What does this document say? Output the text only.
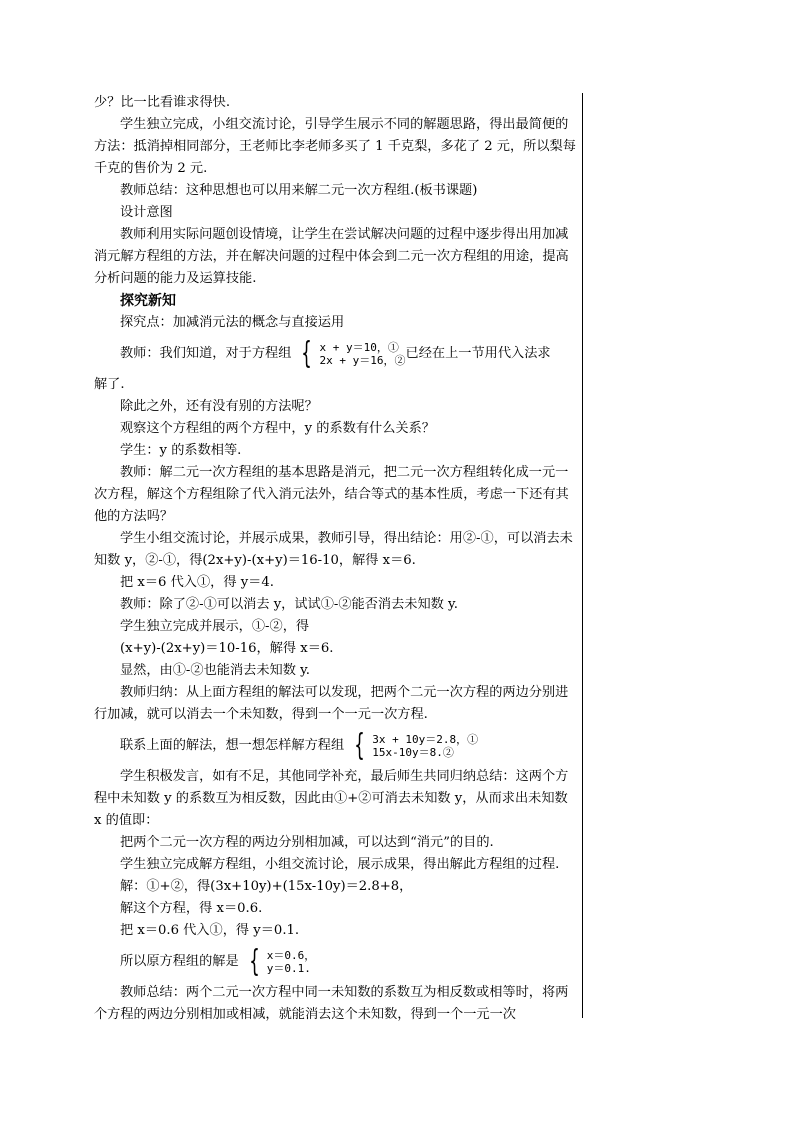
少？比一比看谁求得快.

学生独立完成，小组交流讨论，引导学生展示不同的解题思路，得出最简便的方法：抵消掉相同部分，王老师比李老师多买了 1 千克梨，多花了 2 元，所以梨每千克的售价为 2 元.

教师总结：这种思想也可以用来解二元一次方程组.(板书课题)

设计意图

教师利用实际问题创设情境，让学生在尝试解决问题的过程中逐步得出用加减消元解方程组的方法，并在解决问题的过程中体会到二元一次方程组的用途，提高分析问题的能力及运算技能.

探究新知

探究点：加减消元法的概念与直接运用

教师：我们知道，对于方程组 { x + y＝10，①
2x + y＝16，② 已经在上一节用代入法求

解了.

除此之外，还有没有别的方法呢？

观察这个方程组的两个方程中，y 的系数有什么关系？

学生：y 的系数相等.

教师：解二元一次方程组的基本思路是消元，把二元一次方程组转化成一元一次方程，解这个方程组除了代入消元法外，结合等式的基本性质，考虑一下还有其他的方法吗？

学生小组交流讨论，并展示成果，教师引导，得出结论：用②-①，可以消去未知数 y，②-①，得(2x+y)-(x+y)＝16-10，解得 x＝6.

把 x＝6 代入①，得 y＝4.

教师：除了②-①可以消去 y，试试①-②能否消去未知数 y.

学生独立完成并展示，①-②，得

(x+y)-(2x+y)＝10-16，解得 x＝6.

显然，由①-②也能消去未知数 y.

教师归纳：从上面方程组的解法可以发现，把两个二元一次方程的两边分别进行加减，就可以消去一个未知数，得到一个一元一次方程.

联系上面的解法，想一想怎样解方程组 { 3x + 10y＝2.8，①
15x-10y＝8.②

学生积极发言，如有不足，其他同学补充，最后师生共同归纳总结：这两个方程中未知数 y 的系数互为相反数，因此由①+②可消去未知数 y，从而求出未知数 x 的值即：

把两个二元一次方程的两边分别相加减，可以达到“消元”的目的.

学生独立完成解方程组，小组交流讨论，展示成果，得出解此方程组的过程.

解：①+②，得(3x+10y)+(15x-10y)＝2.8+8，

解这个方程，得 x＝0.6.

把 x＝0.6 代入①，得 y＝0.1.

所以原方程组的解是 { x＝0.6，
y＝0.1.

教师总结：两个二元一次方程中同一未知数的系数互为相反数或相等时，将两个方程的两边分别相加或相减，就能消去这个未知数，得到一个一元一次
